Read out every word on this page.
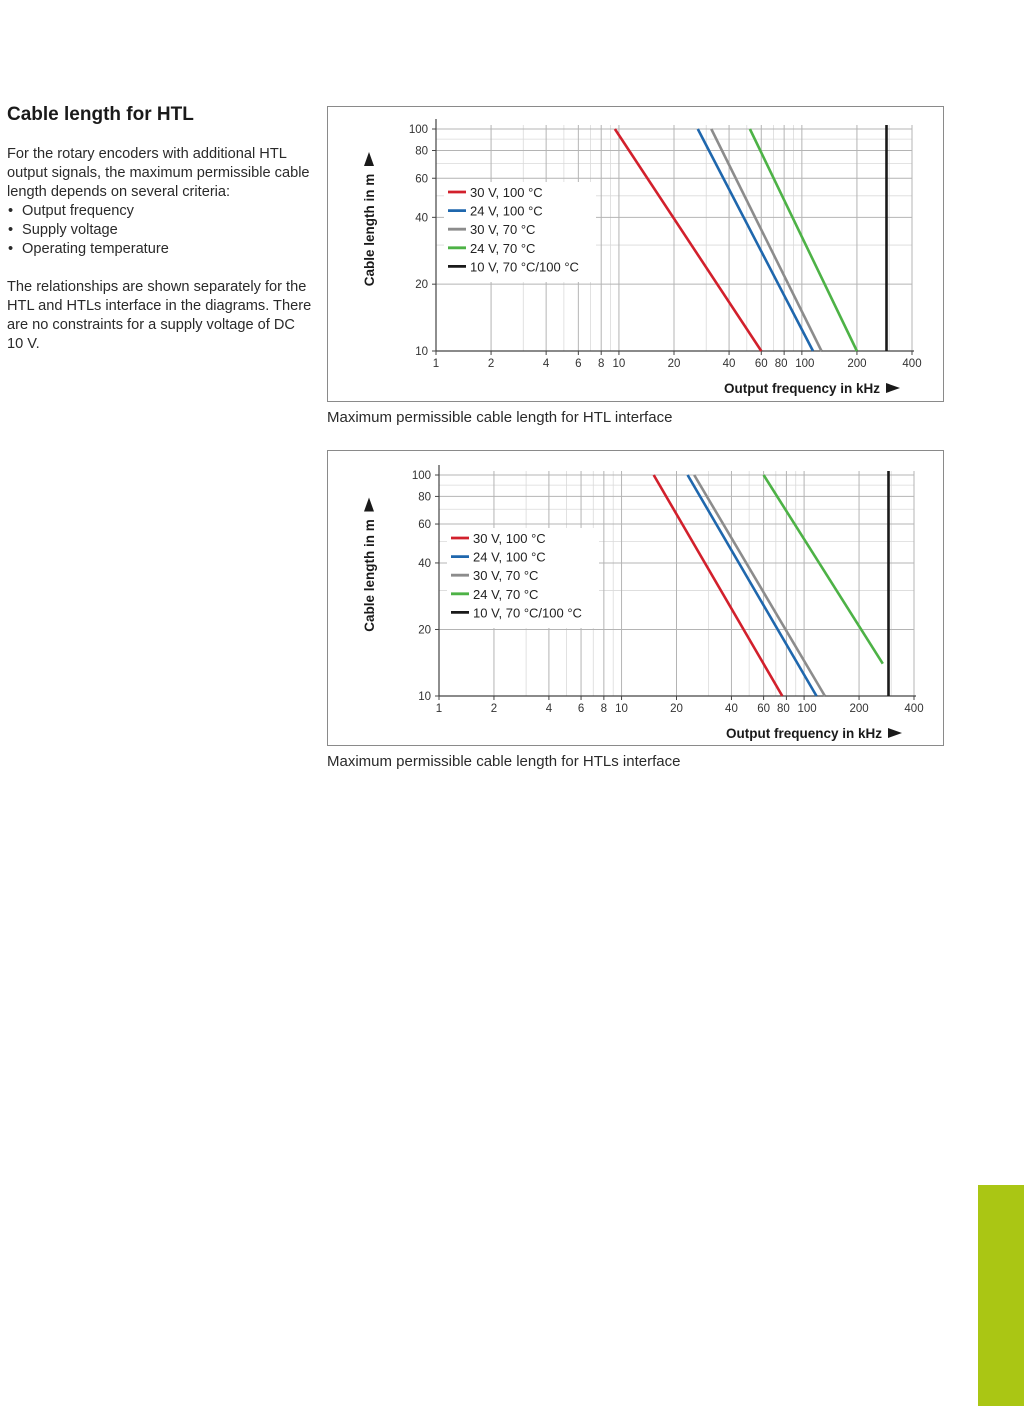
Cable length for HTL

For the rotary encoders with additional HTL output signals, the maximum permissible cable length depends on several criteria:

• Output frequency
• Supply voltage
• Operating temperature

The relationships are shown separately for the HTL and HTLs interface in the diagrams. There are no constraints for a supply voltage of DC 10 V.

1	2	4 6 8 10	20	40 60 80 100	200	400
10
20
40
60
80
100
Output frequency in kHz
Cable length in m	30 V, 100 °C
24 V, 100 °C
30 V, 70 °C
24 V, 70 °C
10 V, 70 °C/100 °C

Maximum permissible cable length for HTL interface

1	2	4 6 8 10	20	40 60 80 100	200	400
10
20
40
60
80
100
Output frequency in kHz
Cable length in m	30 V, 100 °C
24 V, 100 °C
30 V, 70 °C
24 V, 70 °C
10 V, 70 °C/100 °C

Maximum permissible cable length for HTLs interface
